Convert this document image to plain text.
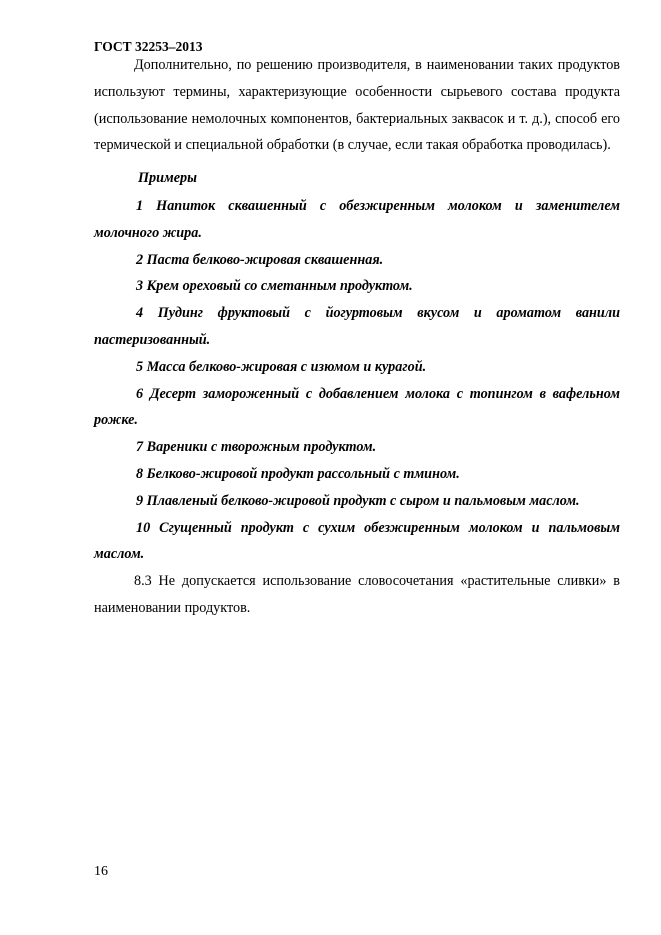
ГОСТ 32253–2013

Дополнительно, по решению производителя, в наименовании таких продуктов используют термины, характеризующие особенности сырьевого состава продукта (использование немолочных компонентов, бактериальных заквасок и т. д.), способ его термической и специальной обработки (в случае, если такая обработка проводилась).

Примеры

1 Напиток сквашенный с обезжиренным молоком и заменителем молочного жира.

2 Паста белково-жировая сквашенная.

3 Крем ореховый со сметанным продуктом.

4 Пудинг фруктовый с йогуртовым вкусом и ароматом ванили пастеризованный.

5 Масса белково-жировая с изюмом и курагой.

6 Десерт замороженный с добавлением молока с топингом в вафельном рожке.

7 Вареники с творожным продуктом.

8 Белково-жировой продукт рассольный с тмином.

9 Плавленый белково-жировой продукт с сыром и пальмовым маслом.

10 Сгущенный продукт с сухим обезжиренным молоком и пальмовым маслом.

8.3 Не допускается использование словосочетания «растительные сливки» в наименовании продуктов.

16
